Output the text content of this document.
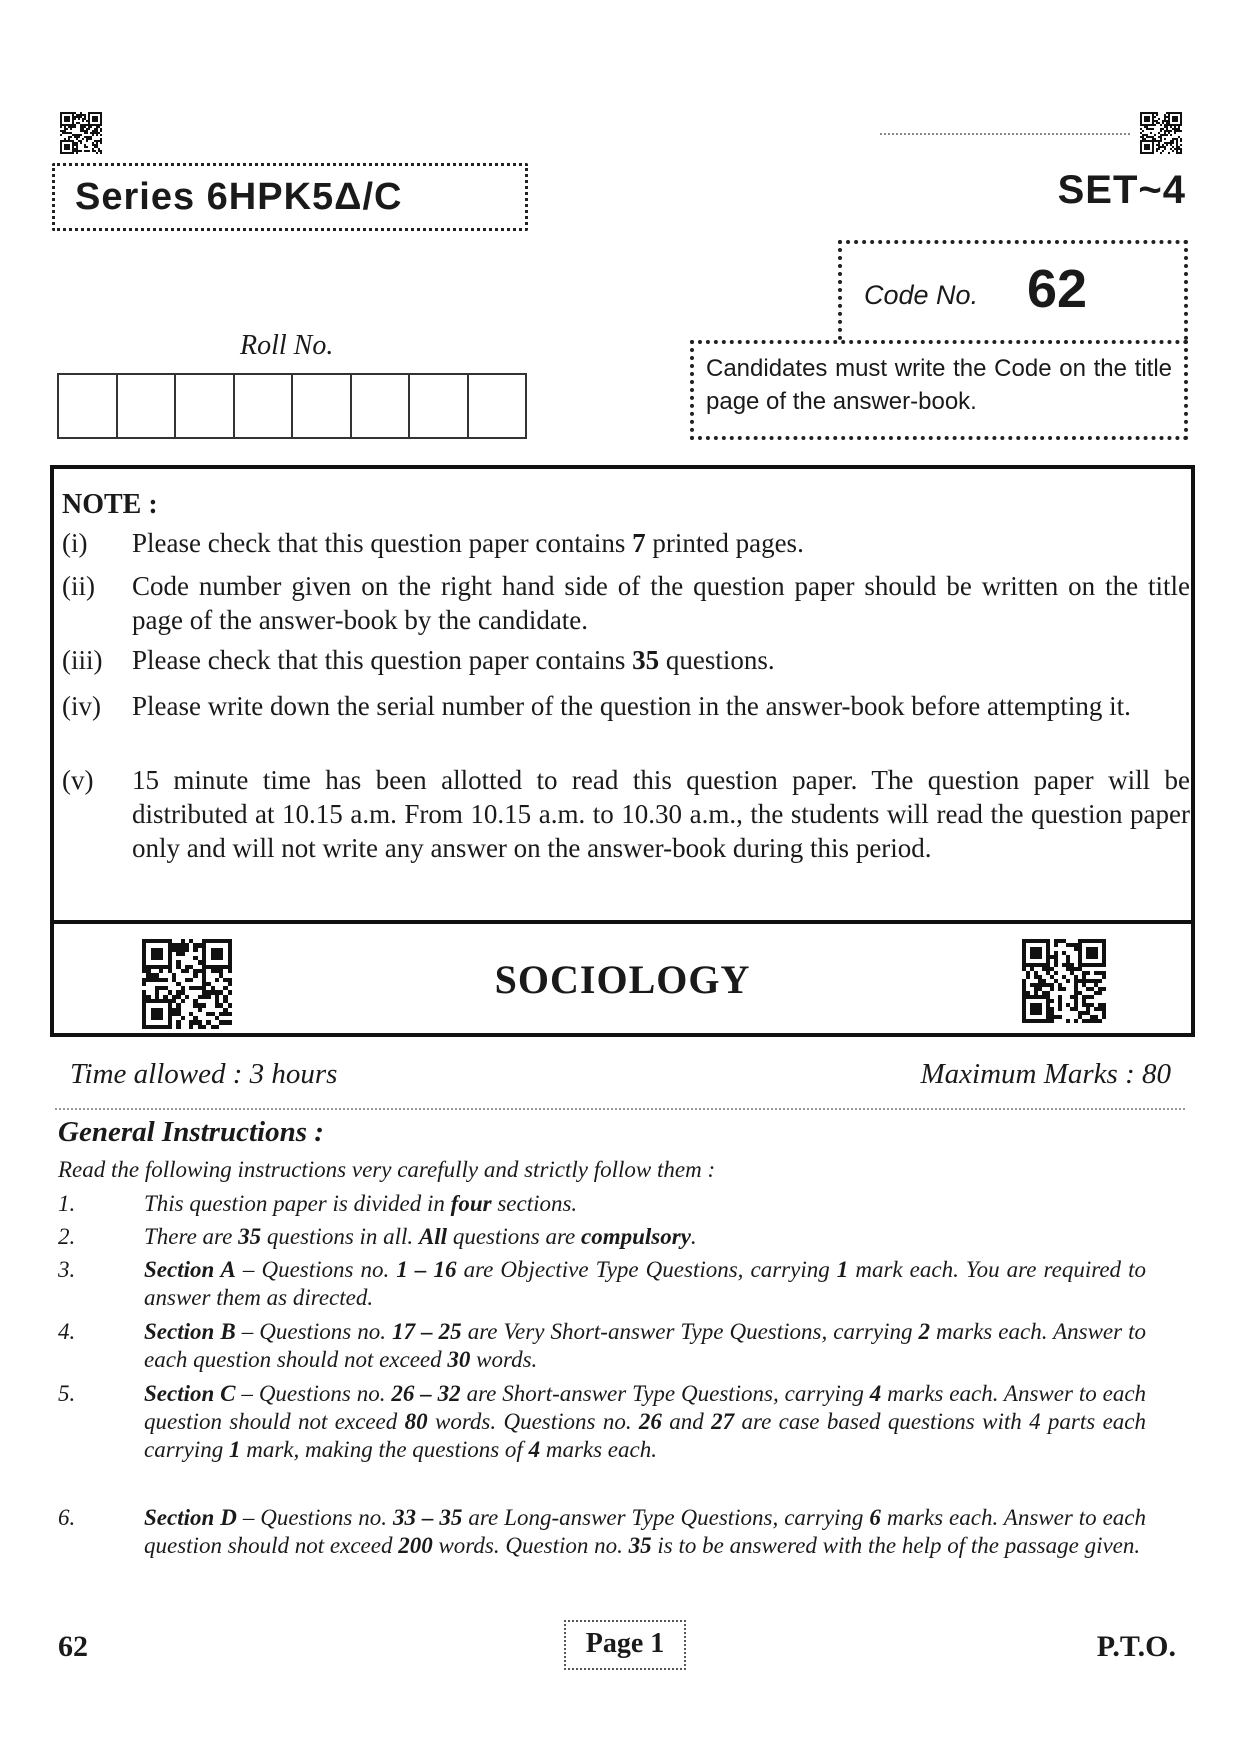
Series 6HPK5Δ/C	SET~4
Code No. 62
Candidates must write the Code on the title page of the answer-book.
Roll No.
NOTE :
(i)	Please check that this question paper contains 7 printed pages.
(ii)	Code number given on the right hand side of the question paper should be written on the title page of the answer-book by the candidate.
(iii)	Please check that this question paper contains 35 questions.
(iv)	Please write down the serial number of the question in the answer-book before attempting it.
(v)	15 minute time has been allotted to read this question paper. The question paper will be distributed at 10.15 a.m. From 10.15 a.m. to 10.30 a.m., the students will read the question paper only and will not write any answer on the answer-book during this period.
SOCIOLOGY
Time allowed : 3 hours	Maximum Marks : 80
General Instructions :
Read the following instructions very carefully and strictly follow them :
1.	This question paper is divided in four sections.
2.	There are 35 questions in all. All questions are compulsory.
3.	Section A – Questions no. 1 – 16 are Objective Type Questions, carrying 1 mark each. You are required to answer them as directed.
4.	Section B – Questions no. 17 – 25 are Very Short-answer Type Questions, carrying 2 marks each. Answer to each question should not exceed 30 words.
5.	Section C – Questions no. 26 – 32 are Short-answer Type Questions, carrying 4 marks each. Answer to each question should not exceed 80 words. Questions no. 26 and 27 are case based questions with 4 parts each carrying 1 mark, making the questions of 4 marks each.
6.	Section D – Questions no. 33 – 35 are Long-answer Type Questions, carrying 6 marks each. Answer to each question should not exceed 200 words. Question no. 35 is to be answered with the help of the passage given.
62	Page 1	P.T.O.
